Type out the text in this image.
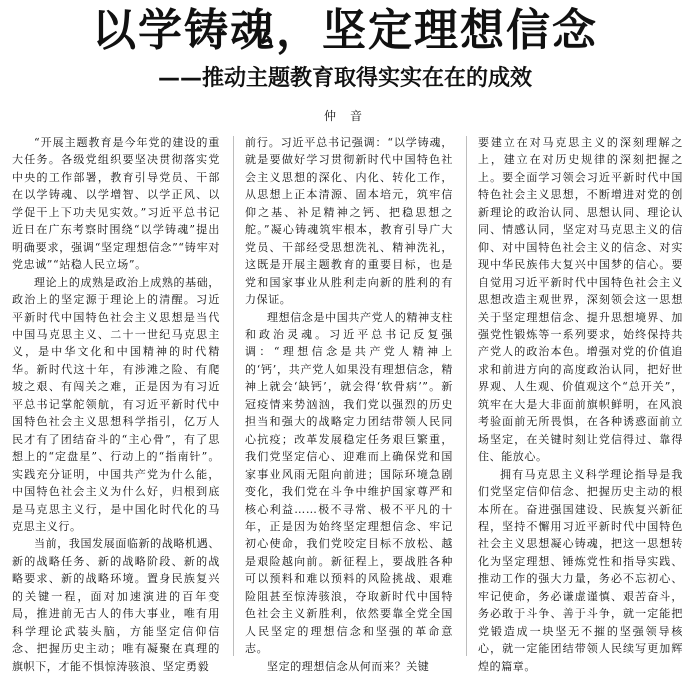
以学铸魂，坚定理想信念
——推动主题教育取得实实在在的成效
仲音

“开展主题教育是今年党的建设的重大任务。各级党组织要坚决贯彻落实党中央的工作部署，教育引导党员、干部在以学铸魂、以学增智、以学正风、以学促干上下功夫见实效。”习近平总书记近日在广东考察时围绕“以学铸魂”提出明确要求，强调“坚定理想信念”“铸牢对党忠诚”“站稳人民立场”。

理论上的成熟是政治上成熟的基础，政治上的坚定源于理论上的清醒。习近平新时代中国特色社会主义思想是当代中国马克思主义、二十一世纪马克思主义，是中华文化和中国精神的时代精华。新时代这十年，有涉滩之险、有爬坡之艰、有闯关之难，正是因为有习近平总书记掌舵领航，有习近平新时代中国特色社会主义思想科学指引，亿万人民才有了团结奋斗的“主心骨”，有了思想上的“定盘星”、行动上的“指南针”。实践充分证明，中国共产党为什么能，中国特色社会主义为什么好，归根到底是马克思主义行，是中国化时代化的马克思主义行。

当前，我国发展面临新的战略机遇、新的战略任务、新的战略阶段、新的战略要求、新的战略环境。置身民族复兴的关键一程，面对加速演进的百年变局，推进前无古人的伟大事业，唯有用科学理论武装头脑，方能坚定信仰信念、把握历史主动；唯有凝聚在真理的旗帜下，才能不惧惊涛骇浪、坚定勇毅

前行。习近平总书记强调：“以学铸魂，就是要做好学习贯彻新时代中国特色社会主义思想的深化、内化、转化工作，从思想上正本清源、固本培元，筑牢信仰之基、补足精神之钙、把稳思想之舵。”凝心铸魂筑牢根本，教育引导广大党员、干部经受思想洗礼、精神洗礼，这既是开展主题教育的重要目标，也是党和国家事业从胜利走向新的胜利的有力保证。

理想信念是中国共产党人的精神支柱和政治灵魂。习近平总书记反复强调：“理想信念是共产党人精神上的‘钙’，共产党人如果没有理想信念，精神上就会‘缺钙’，就会得‘软骨病’”。新冠疫情来势汹汹，我们党以强烈的历史担当和强大的战略定力团结带领人民同心抗疫；改革发展稳定任务艰巨繁重，我们党坚定信心、迎难而上确保党和国家事业风雨无阻向前进；国际环境急剧变化，我们党在斗争中维护国家尊严和核心利益……极不寻常、极不平凡的十年，正是因为始终坚定理想信念、牢记初心使命，我们党咬定目标不放松、越是艰险越向前。新征程上，要战胜各种可以预料和难以预料的风险挑战、艰难险阻甚至惊涛骇浪，夺取新时代中国特色社会主义新胜利，依然要靠全党全国人民坚定的理想信念和坚强的革命意志。

坚定的理想信念从何而来？关键

要建立在对马克思主义的深刻理解之上，建立在对历史规律的深刻把握之上。要全面学习领会习近平新时代中国特色社会主义思想，不断增进对党的创新理论的政治认同、思想认同、理论认同、情感认同，坚定对马克思主义的信仰、对中国特色社会主义的信念、对实现中华民族伟大复兴中国梦的信心。要自觉用习近平新时代中国特色社会主义思想改造主观世界，深刻领会这一思想关于坚定理想信念、提升思想境界、加强党性锻炼等一系列要求，始终保持共产党人的政治本色。增强对党的价值追求和前进方向的高度政治认同，把好世界观、人生观、价值观这个“总开关”，筑牢在大是大非面前旗帜鲜明，在风浪考验面前无所畏惧，在各种诱惑面前立场坚定，在关键时刻让党信得过、靠得住、能放心。

拥有马克思主义科学理论指导是我们党坚定信仰信念、把握历史主动的根本所在。奋进强国建设、民族复兴新征程，坚持不懈用习近平新时代中国特色社会主义思想凝心铸魂，把这一思想转化为坚定理想、锤炼党性和指导实践、推动工作的强大力量，务必不忘初心、牢记使命，务必谦虚谨慎、艰苦奋斗，务必敢于斗争、善于斗争，就一定能把党锻造成一块坚无不摧的坚强领导核心，就一定能团结带领人民续写更加辉煌的篇章。
